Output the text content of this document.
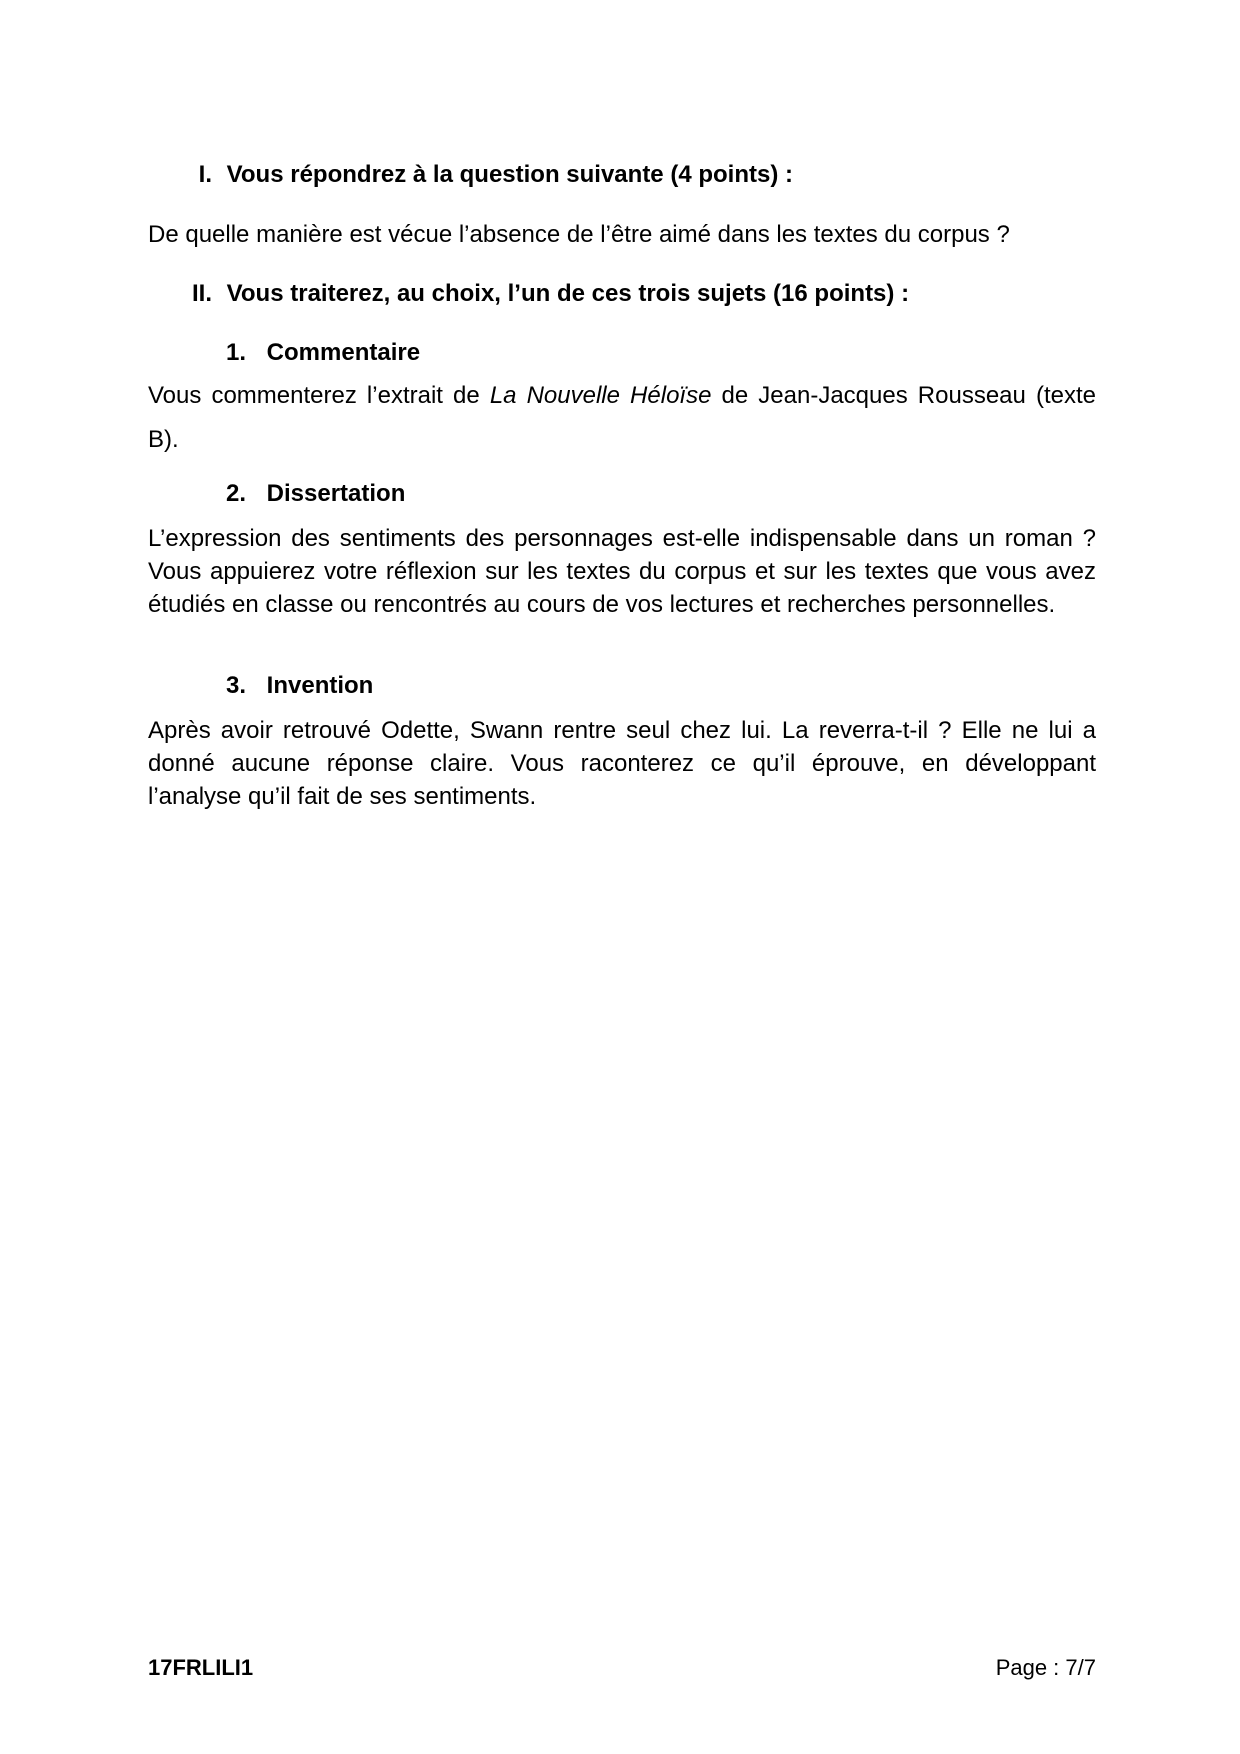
I. Vous répondrez à la question suivante (4 points) :
De quelle manière est vécue l’absence de l’être aimé dans les textes du corpus ?
II. Vous traiterez, au choix, l’un de ces trois sujets (16 points) :
1. Commentaire
Vous commenterez l’extrait de La Nouvelle Héloïse de Jean-Jacques Rousseau (texte B).
2. Dissertation
L’expression des sentiments des personnages est-elle indispensable dans un roman ? Vous appuierez votre réflexion sur les textes du corpus et sur les textes que vous avez étudiés en classe ou rencontrés au cours de vos lectures et recherches personnelles.
3. Invention
Après avoir retrouvé Odette, Swann rentre seul chez lui. La reverra-t-il ? Elle ne lui a donné aucune réponse claire. Vous raconterez ce qu’il éprouve, en développant l’analyse qu’il fait de ses sentiments.
17FRLILI1	Page : 7/7
